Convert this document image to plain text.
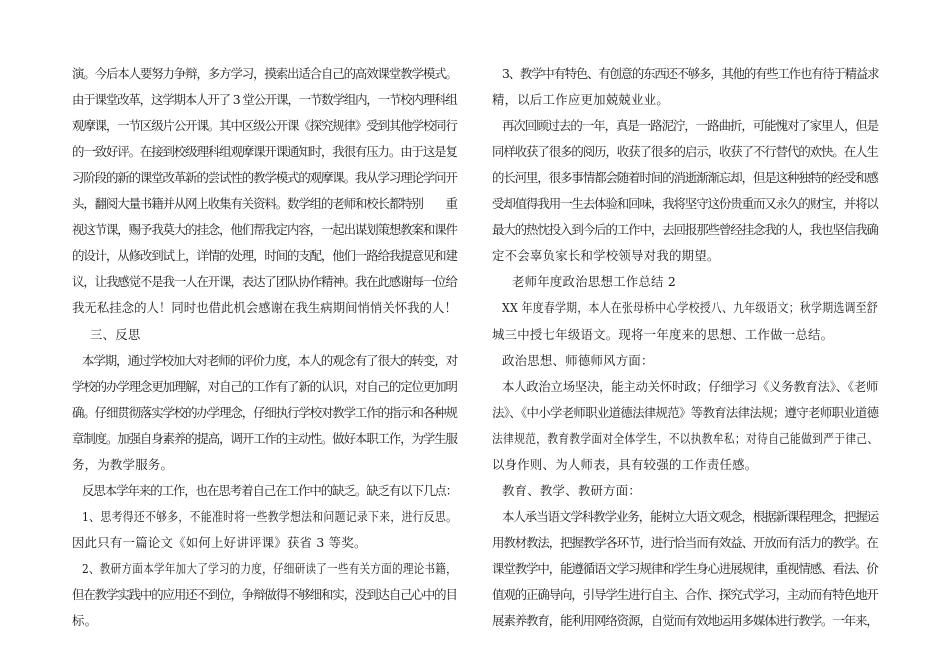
演。今后本人要努力争辩，多方学习，摸索出适合自己的高效课堂教学模式。
由于课堂改革，这学期本人开了 3 堂公开课，一节数学组内，一节校内理科组
观摩课，一节区级片公开课。其中区级公开课《探究规律》受到其他学校同行
的一致好评。在接到校级理科组观摩课开课通知时，我很有压力。由于这是复
习阶段的新的课堂改革新的尝试性的教学模式的观摩课。我从学习理论学问开
头，翻阅大量书籍并从网上收集有关资料。数学组的老师和校长都特别　　重
视这节课，赐予我莫大的挂念，他们帮我定内容，一起出谋划策想教案和课件
的设计，从修改到试上，详情的处理，时间的支配，他们一路给我提意见和建
议，让我感觉不是我一人在开课，表达了团队协作精神。我在此感谢每一位给
我无私挂念的人！同时也借此机会感谢在我生病期间悄悄关怀我的人！
三、反思
本学期，通过学校加大对老师的评价力度，本人的观念有了很大的转变，对
学校的办学理念更加理解，对自己的工作有了新的认识，对自己的定位更加明
确。仔细贯彻落实学校的办学理念，仔细执行学校对教学工作的指示和各种规
章制度。加强自身素养的提高，调开工作的主动性。做好本职工作，为学生服
务，为教学服务。
反思本学年来的工作，也在思考着自己在工作中的缺乏。缺乏有以下几点：
1、思考得还不够多，不能准时将一些教学想法和问题记录下来，进行反思。
因此只有一篇论文《如何上好讲评课》获省 3 等奖。
2、教研方面本学年加大了学习的力度，仔细研读了一些有关方面的理论书籍，
但在教学实践中的应用还不到位，争辩做得不够细和实，没到达自己心中的目
标。
3、教学中有特色、有创意的东西还不够多，其他的有些工作也有待于精益求
精，以后工作应更加兢兢业业。
再次回顾过去的一年，真是一路泥泞，一路曲折，可能愧对了家里人，但是
同样收获了很多的阅历，收获了很多的启示，收获了不行替代的欢快。在人生
的长河里，很多事情都会随着时间的消逝渐渐忘却，但是这种独特的经受和感
受却值得我用一生去体验和回味，我将坚守这份贵重而又永久的财宝，并将以
最大的热忱投入到今后的工作中，去回报那些曾经挂念我的人，我也坚信我确
定不会辜负家长和学校领导对我的期望。
老师年度政治思想工作总结 2
XX 年度春学期，本人在张母桥中心学校授八、九年级语文；秋学期选调至舒
城三中授七年级语文。现将一年度来的思想、工作做一总结。
政治思想、师德师风方面：
本人政治立场坚决，能主动关怀时政；仔细学习《义务教育法》、《老师
法》、《中小学老师职业道德法律规范》等教育法律法规；遵守老师职业道德
法律规范，教育教学面对全体学生，不以执教牟私；对待自己能做到严于律己、
以身作则、为人师表，具有较强的工作责任感。
教育、教学、教研方面：
本人承当语文学科教学业务，能树立大语文观念，根据新课程理念，把握运
用教材教法，把握教学各环节，进行恰当而有效益、开放而有活力的教学。在
课堂教学中，能遵循语文学习规律和学生身心进展规律，重视情感、看法、价
值观的正确导向，引导学生进行自主、合作、探究式学习，主动而有特色地开
展素养教育，能利用网络资源，自觉而有效地运用多媒体进行教学。一年来，
